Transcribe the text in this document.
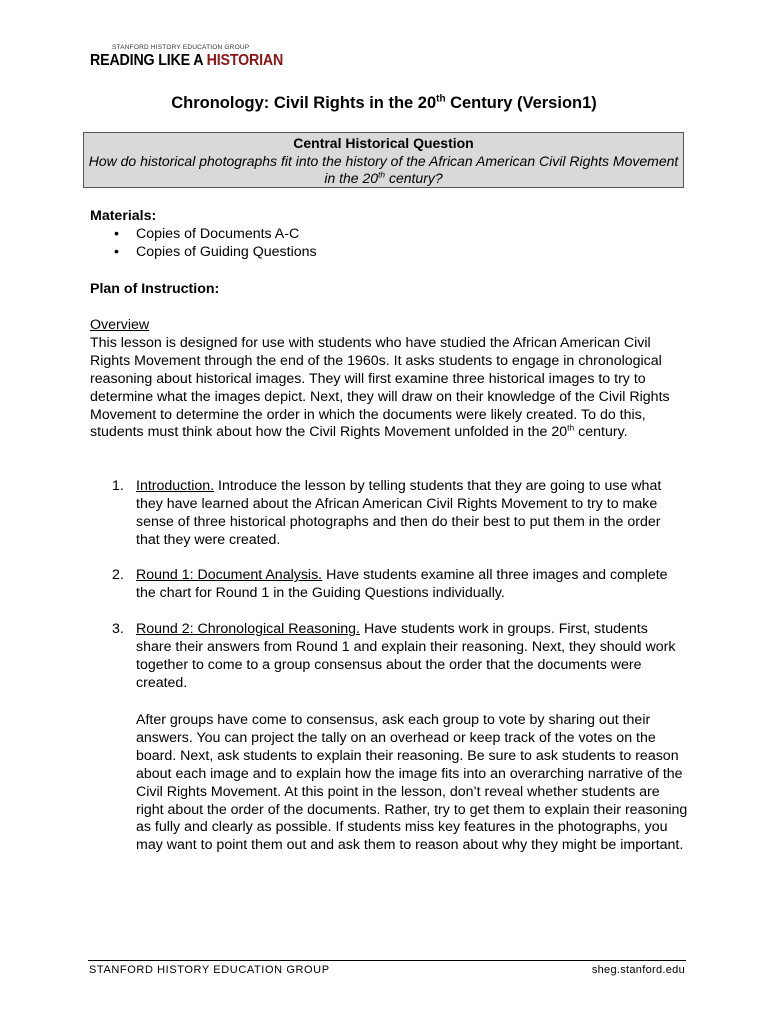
STANFORD HISTORY EDUCATION GROUP
READING LIKE A HISTORIAN
Chronology: Civil Rights in the 20th Century (Version1)
Central Historical Question
How do historical photographs fit into the history of the African American Civil Rights Movement in the 20th century?
Materials:
• Copies of Documents A-C
• Copies of Guiding Questions
Plan of Instruction:
Overview
This lesson is designed for use with students who have studied the African American Civil Rights Movement through the end of the 1960s. It asks students to engage in chronological reasoning about historical images. They will first examine three historical images to try to determine what the images depict. Next, they will draw on their knowledge of the Civil Rights Movement to determine the order in which the documents were likely created. To do this, students must think about how the Civil Rights Movement unfolded in the 20th century.
1. Introduction. Introduce the lesson by telling students that they are going to use what they have learned about the African American Civil Rights Movement to try to make sense of three historical photographs and then do their best to put them in the order that they were created.
2. Round 1: Document Analysis. Have students examine all three images and complete the chart for Round 1 in the Guiding Questions individually.
3. Round 2: Chronological Reasoning. Have students work in groups. First, students share their answers from Round 1 and explain their reasoning. Next, they should work together to come to a group consensus about the order that the documents were created.
After groups have come to consensus, ask each group to vote by sharing out their answers. You can project the tally on an overhead or keep track of the votes on the board. Next, ask students to explain their reasoning. Be sure to ask students to reason about each image and to explain how the image fits into an overarching narrative of the Civil Rights Movement. At this point in the lesson, don’t reveal whether students are right about the order of the documents. Rather, try to get them to explain their reasoning as fully and clearly as possible. If students miss key features in the photographs, you may want to point them out and ask them to reason about why they might be important.
STANFORD HISTORY EDUCATION GROUP	sheg.stanford.edu
